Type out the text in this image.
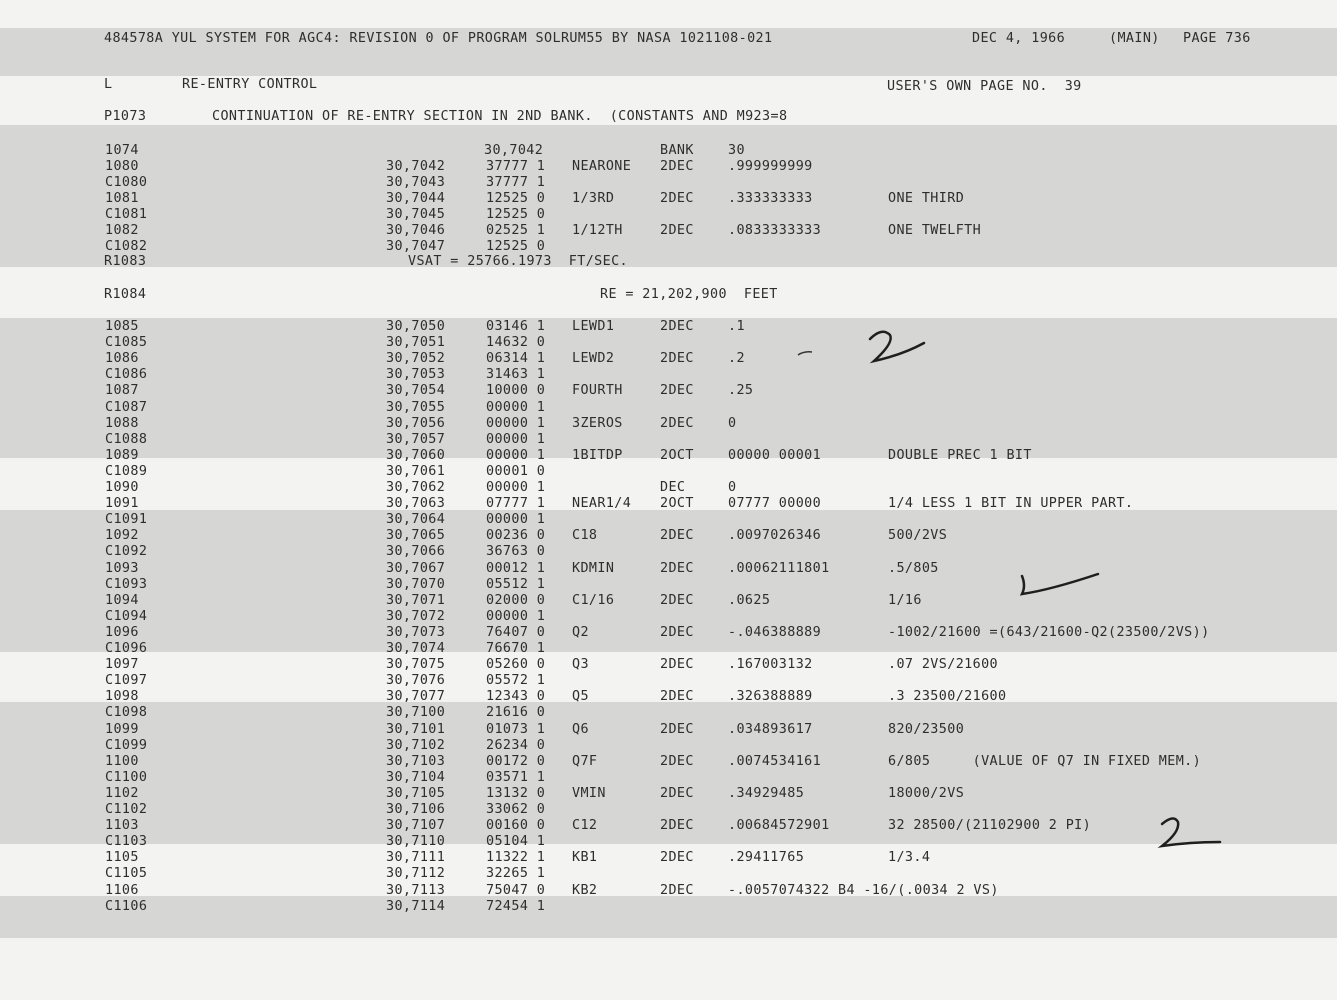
484578A YUL SYSTEM FOR AGC4: REVISION 0 OF PROGRAM SOLRUM55 BY NASA 1021108-021	DEC 4, 1966	(MAIN) PAGE 736
L	RE-ENTRY CONTROL	USER'S OWN PAGE NO.  39
P1073	CONTINUATION OF RE-ENTRY SECTION IN 2ND BANK.  (CONSTANTS AND M923=8
1074	30,7042	BANK	30
1080	30,7042	37777 1 NEARONE 2DEC	.999999999
C1080	30,7043	37777 1
1081	30,7044	12525 0 1/3RD	2DEC	.333333333	ONE THIRD
C1081	30,7045	12525 0
1082	30,7046	02525 1 1/12TH	2DEC	.0833333333	ONE TWELFTH
C1082	30,7047	12525 0
R1083	VSAT = 25766.1973  FT/SEC.
R1084	RE = 21,202,900  FEET
1085	30,7050	03146 1 LEWD1	2DEC	.1
C1085	30,7051	14632 0
1086	30,7052	06314 1 LEWD2	2DEC	.2
C1086	30,7053	31463 1
1087	30,7054	10000 0 FOURTH	2DEC	.25
C1087	30,7055	00000 1
1088	30,7056	00000 1 3ZEROS	2DEC	0
C1088	30,7057	00000 1
1089	30,7060	00000 1 1BITDP	2OCT	00000 00001	DOUBLE PREC 1 BIT
C1089	30,7061	00001 0
1090	30,7062	00000 1	DEC	0
1091	30,7063	07777 1 NEAR1/4 2OCT	07777 00000	1/4 LESS 1 BIT IN UPPER PART.
C1091	30,7064	00000 1
1092	30,7065	00236 0 C18	2DEC	.0097026346	500/2VS
C1092	30,7066	36763 0
1093	30,7067	00012 1 KDMIN	2DEC	.00062111801	.5/805
C1093	30,7070	05512 1
1094	30,7071	02000 0 C1/16	2DEC	.0625	1/16
C1094	30,7072	00000 1
1096	30,7073	76407 0 Q2	2DEC	-.046388889	-1002/21600 =(643/21600-Q2(23500/2VS))
C1096	30,7074	76670 1
1097	30,7075	05260 0 Q3	2DEC	.167003132	.07 2VS/21600
C1097	30,7076	05572 1
1098	30,7077	12343 0 Q5	2DEC	.326388889	.3 23500/21600
C1098	30,7100	21616 0
1099	30,7101	01073 1 Q6	2DEC	.034893617	820/23500
C1099	30,7102	26234 0
1100	30,7103	00172 0 Q7F	2DEC	.0074534161	6/805     (VALUE OF Q7 IN FIXED MEM.)
C1100	30,7104	03571 1
1102	30,7105	13132 0 VMIN	2DEC	.34929485	18000/2VS
C1102	30,7106	33062 0
1103	30,7107	00160 0 C12	2DEC	.00684572901	32 28500/(21102900 2 PI)
C1103	30,7110	05104 1
1105	30,7111	11322 1 KB1	2DEC	.29411765	1/3.4
C1105	30,7112	32265 1
1106	30,7113	75047 0 KB2	2DEC	-.0057074322 B4 -16/(.0034 2 VS)
C1106	30,7114	72454 1
